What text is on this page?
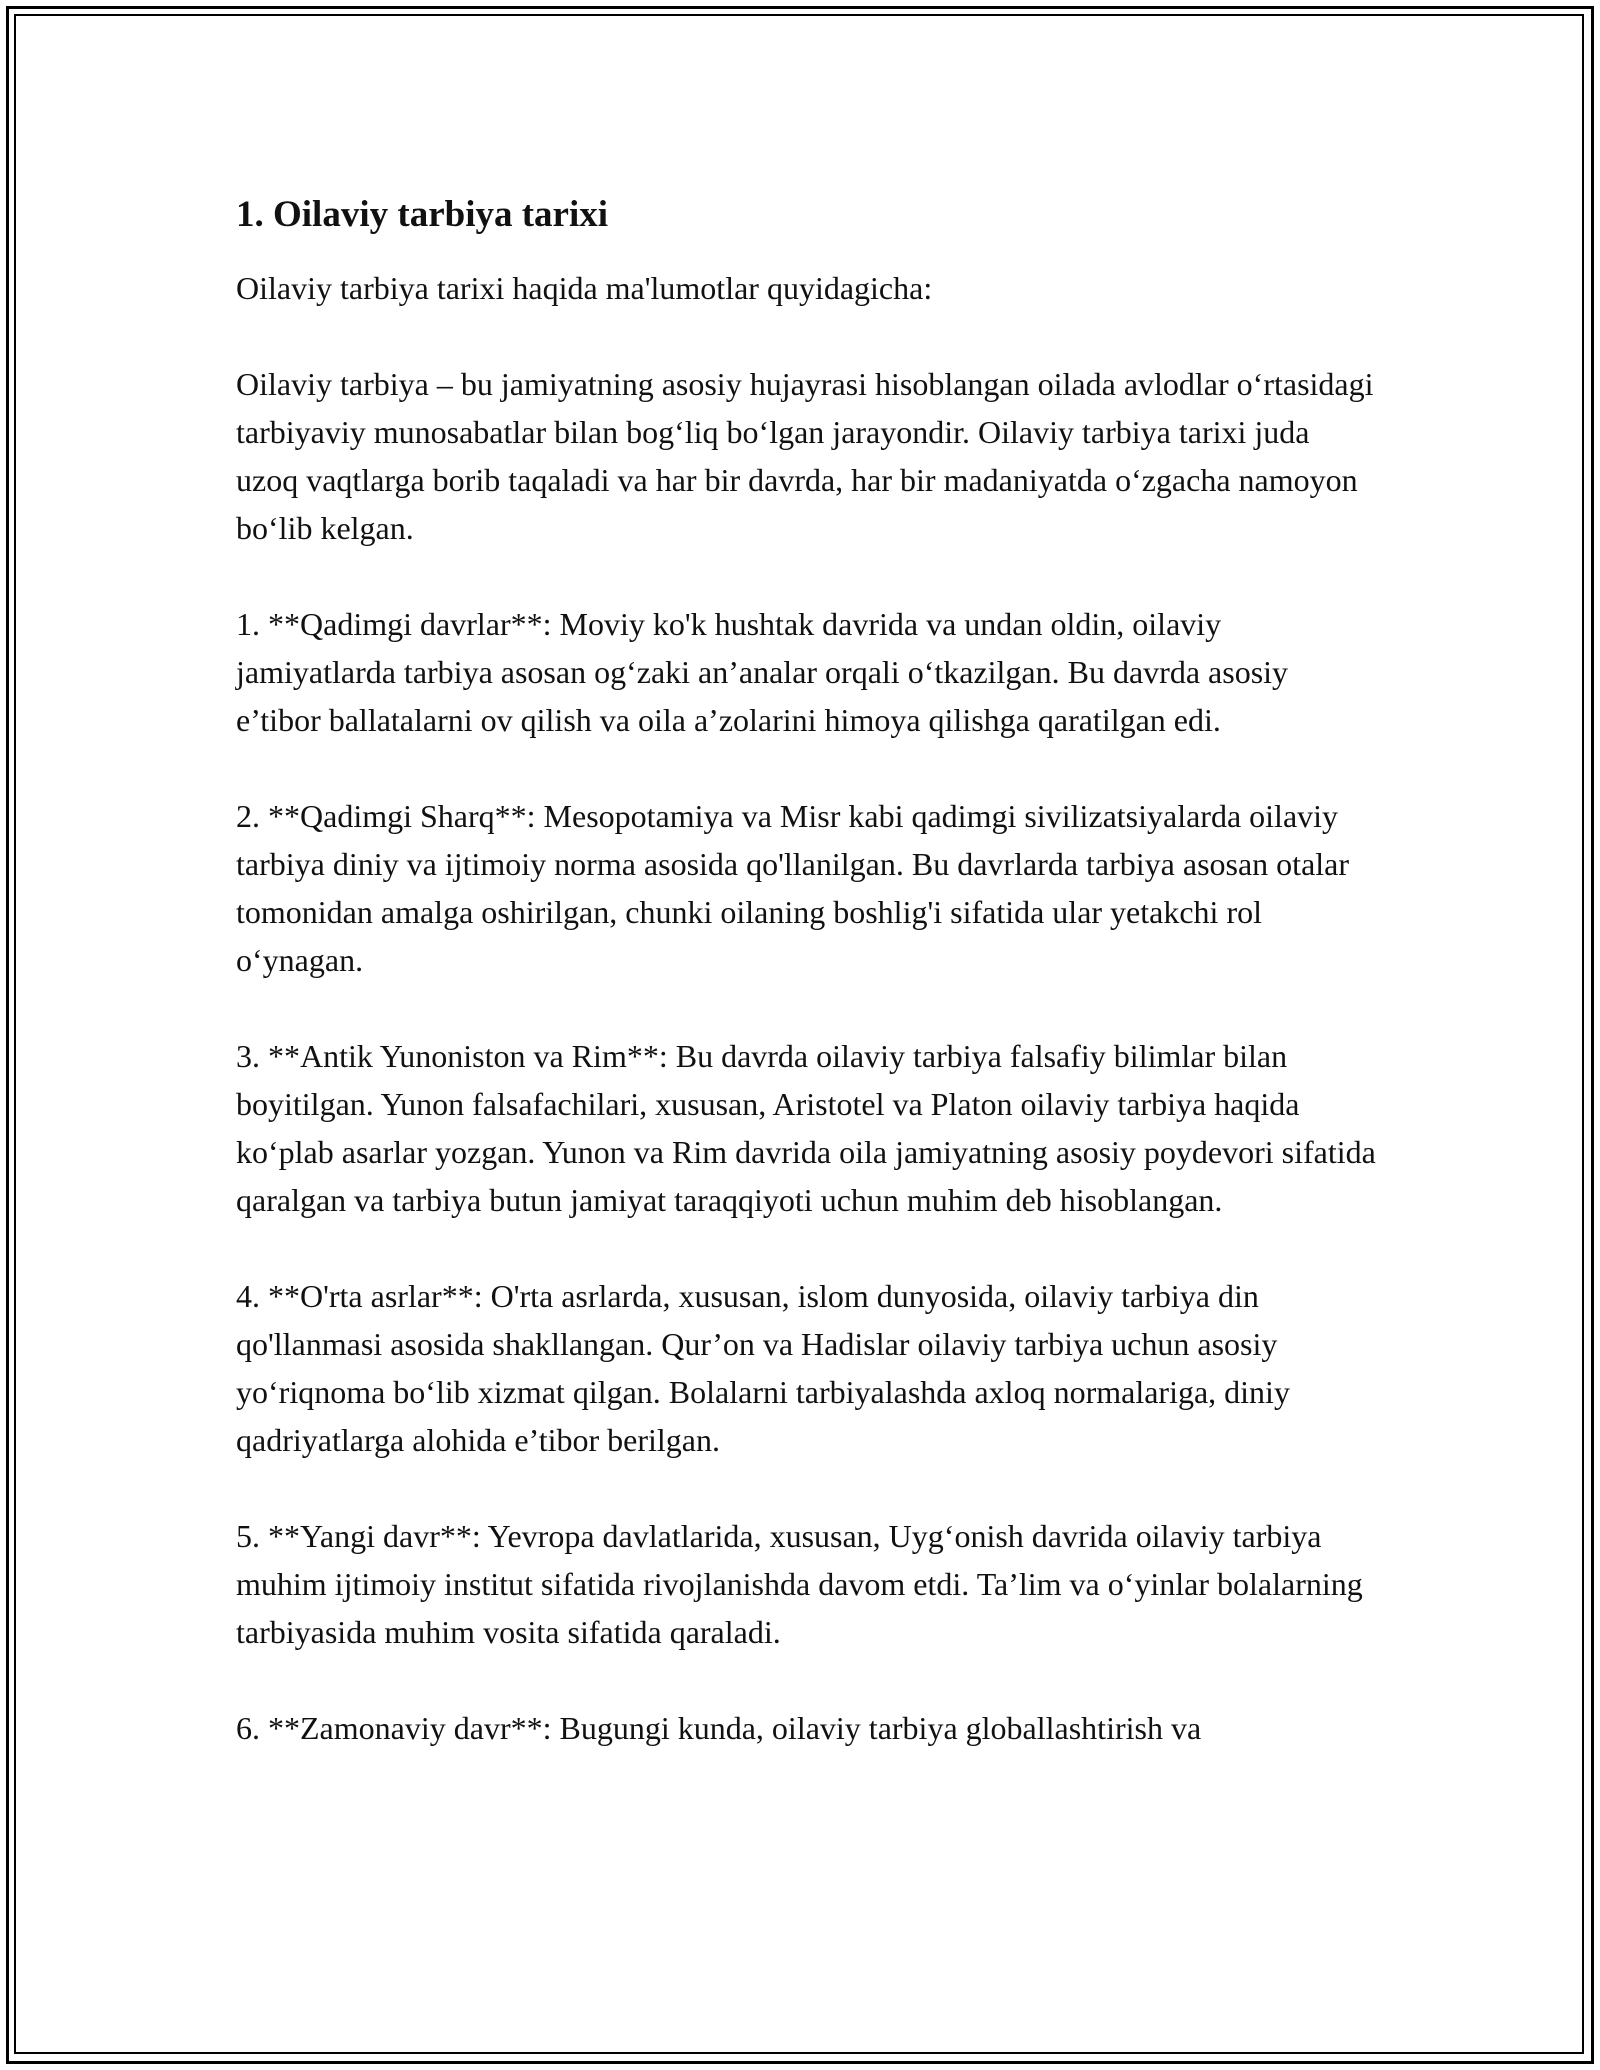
1. Oilaviy tarbiya tarixi

Oilaviy tarbiya tarixi haqida ma'lumotlar quyidagicha:

Oilaviy tarbiya – bu jamiyatning asosiy hujayrasi hisoblangan oilada avlodlar o‘rtasidagi tarbiyaviy munosabatlar bilan bog‘liq bo‘lgan jarayondir. Oilaviy tarbiya tarixi juda uzoq vaqtlarga borib taqaladi va har bir davrda, har bir madaniyatda o‘zgacha namoyon bo‘lib kelgan.

1. **Qadimgi davrlar**: Moviy ko'k hushtak davrida va undan oldin, oilaviy jamiyatlarda tarbiya asosan og‘zaki an’analar orqali o‘tkazilgan. Bu davrda asosiy e’tibor ballatalarni ov qilish va oila a’zolarini himoya qilishga qaratilgan edi.

2. **Qadimgi Sharq**: Mesopotamiya va Misr kabi qadimgi sivilizatsiyalarda oilaviy tarbiya diniy va ijtimoiy norma asosida qo'llanilgan. Bu davrlarda tarbiya asosan otalar tomonidan amalga oshirilgan, chunki oilaning boshlig'i sifatida ular yetakchi rol o‘ynagan.

3. **Antik Yunoniston va Rim**: Bu davrda oilaviy tarbiya falsafiy bilimlar bilan boyitilgan. Yunon falsafachilari, xususan, Aristotel va Platon oilaviy tarbiya haqida ko‘plab asarlar yozgan. Yunon va Rim davrida oila jamiyatning asosiy poydevori sifatida qaralgan va tarbiya butun jamiyat taraqqiyoti uchun muhim deb hisoblangan.

4. **O'rta asrlar**: O'rta asrlarda, xususan, islom dunyosida, oilaviy tarbiya din qo'llanmasi asosida shakllangan. Qur’on va Hadislar oilaviy tarbiya uchun asosiy yo‘riqnoma bo‘lib xizmat qilgan. Bolalarni tarbiyalashda axloq normalariga, diniy qadriyatlarga alohida e’tibor berilgan.

5. **Yangi davr**: Yevropa davlatlarida, xususan, Uyg‘onish davrida oilaviy tarbiya muhim ijtimoiy institut sifatida rivojlanishda davom etdi. Ta’lim va o‘yinlar bolalarning tarbiyasida muhim vosita sifatida qaraladi.

6. **Zamonaviy davr**: Bugungi kunda, oilaviy tarbiya globallashtirish va
